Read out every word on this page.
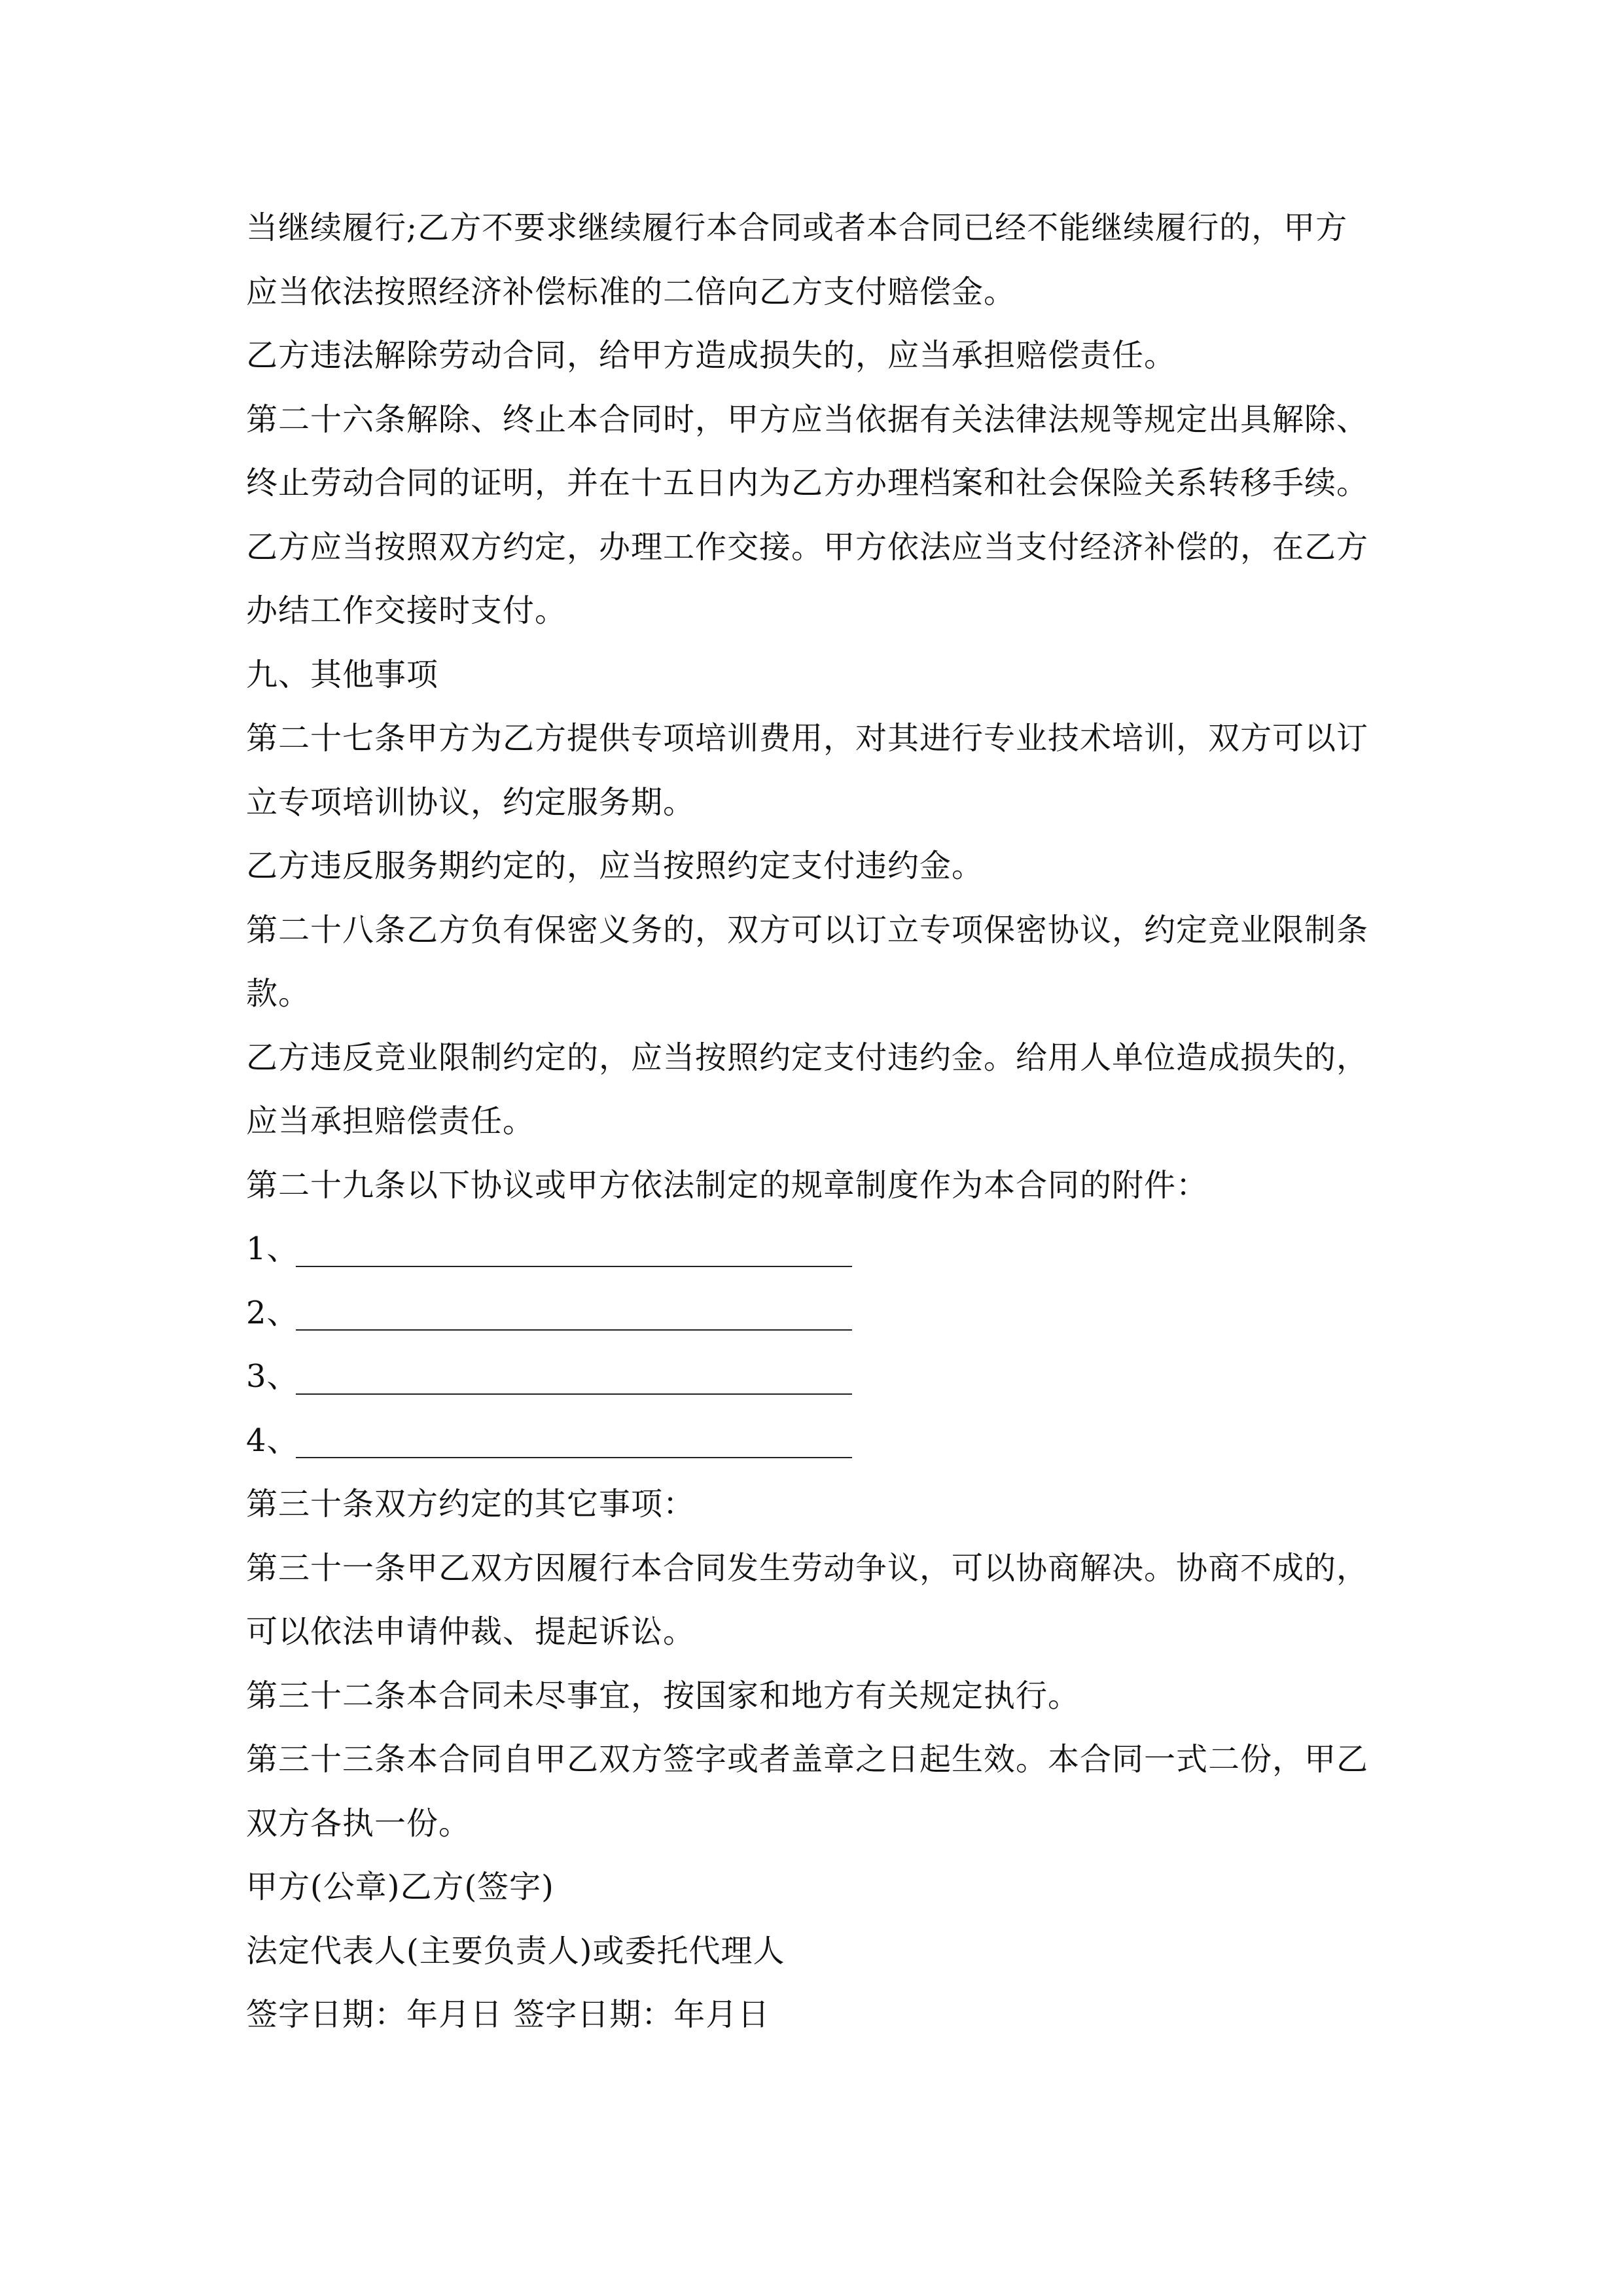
当继续履行;乙方不要求继续履行本合同或者本合同已经不能继续履行的，甲方
应当依法按照经济补偿标准的二倍向乙方支付赔偿金。
乙方违法解除劳动合同，给甲方造成损失的，应当承担赔偿责任。
第二十六条解除、终止本合同时，甲方应当依据有关法律法规等规定出具解除、
终止劳动合同的证明，并在十五日内为乙方办理档案和社会保险关系转移手续。
乙方应当按照双方约定，办理工作交接。甲方依法应当支付经济补偿的，在乙方
办结工作交接时支付。
九、其他事项
第二十七条甲方为乙方提供专项培训费用，对其进行专业技术培训，双方可以订
立专项培训协议，约定服务期。
乙方违反服务期约定的，应当按照约定支付违约金。
第二十八条乙方负有保密义务的，双方可以订立专项保密协议，约定竞业限制条
款。
乙方违反竞业限制约定的，应当按照约定支付违约金。给用人单位造成损失的，
应当承担赔偿责任。
第二十九条以下协议或甲方依法制定的规章制度作为本合同的附件：
1、
2、
3、
4、
第三十条双方约定的其它事项：
第三十一条甲乙双方因履行本合同发生劳动争议，可以协商解决。协商不成的，
可以依法申请仲裁、提起诉讼。
第三十二条本合同未尽事宜，按国家和地方有关规定执行。
第三十三条本合同自甲乙双方签字或者盖章之日起生效。本合同一式二份，甲乙
双方各执一份。
甲方(公章)乙方(签字)
法定代表人(主要负责人)或委托代理人
签字日期：年月日 签字日期：年月日
